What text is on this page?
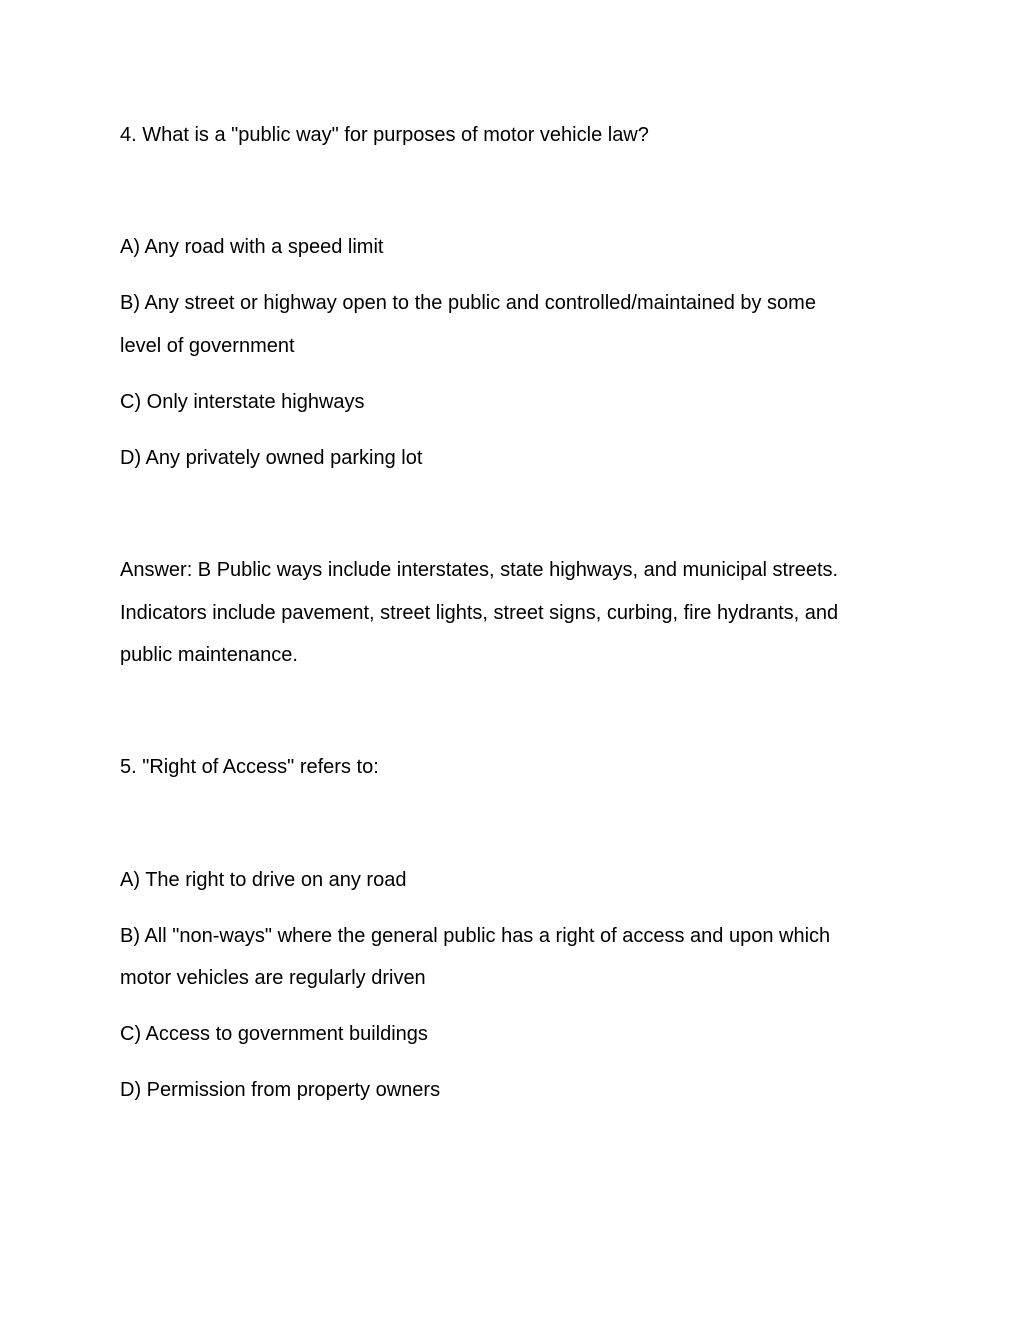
4. What is a "public way" for purposes of motor vehicle law?
A) Any road with a speed limit
B) Any street or highway open to the public and controlled/maintained by some
level of government
C) Only interstate highways
D) Any privately owned parking lot
Answer: B Public ways include interstates, state highways, and municipal streets.
Indicators include pavement, street lights, street signs, curbing, fire hydrants, and
public maintenance.
5. "Right of Access" refers to:
A) The right to drive on any road
B) All "non-ways" where the general public has a right of access and upon which
motor vehicles are regularly driven
C) Access to government buildings
D) Permission from property owners
